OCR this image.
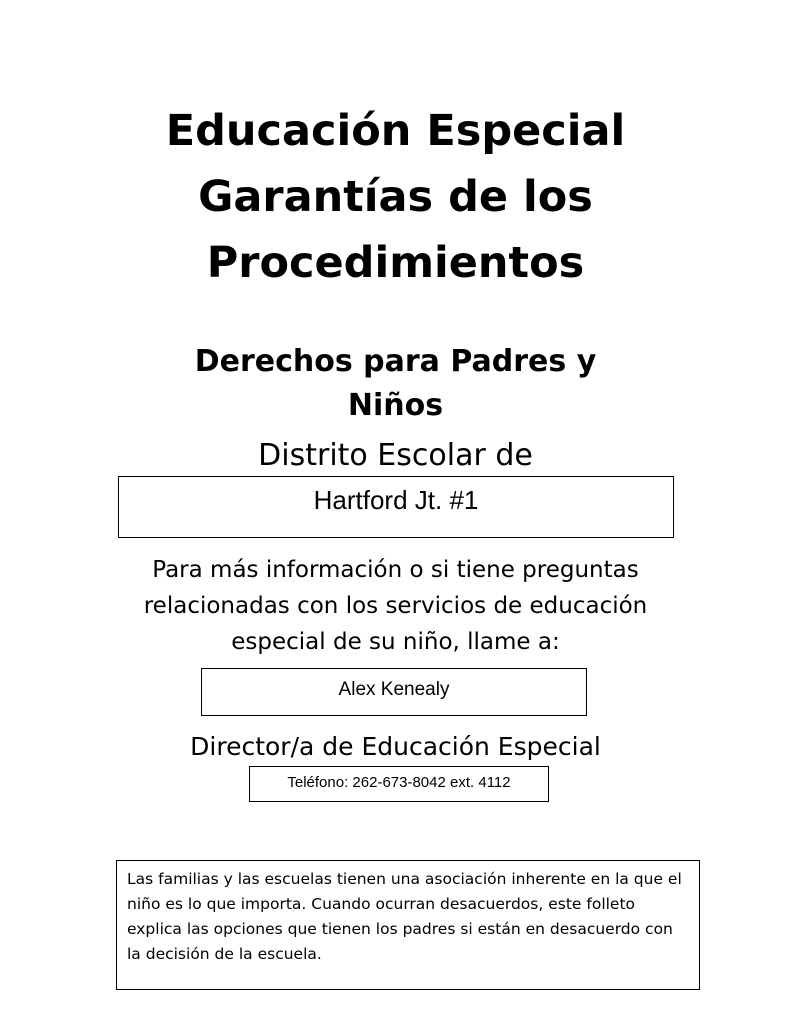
Educación Especial
Garantías de los
Procedimientos
Derechos para Padres y
Niños
Distrito Escolar de
Hartford Jt. #1
Para más información o si tiene preguntas
relacionadas con los servicios de educación
especial de su niño, llame a:
Alex Kenealy
Director/a de Educación Especial
Teléfono: 262-673-8042 ext. 4112
Las familias y las escuelas tienen una asociación inherente en la que el niño es lo que importa. Cuando ocurran desacuerdos, este folleto explica las opciones que tienen los padres si están en desacuerdo con la decisión de la escuela.
